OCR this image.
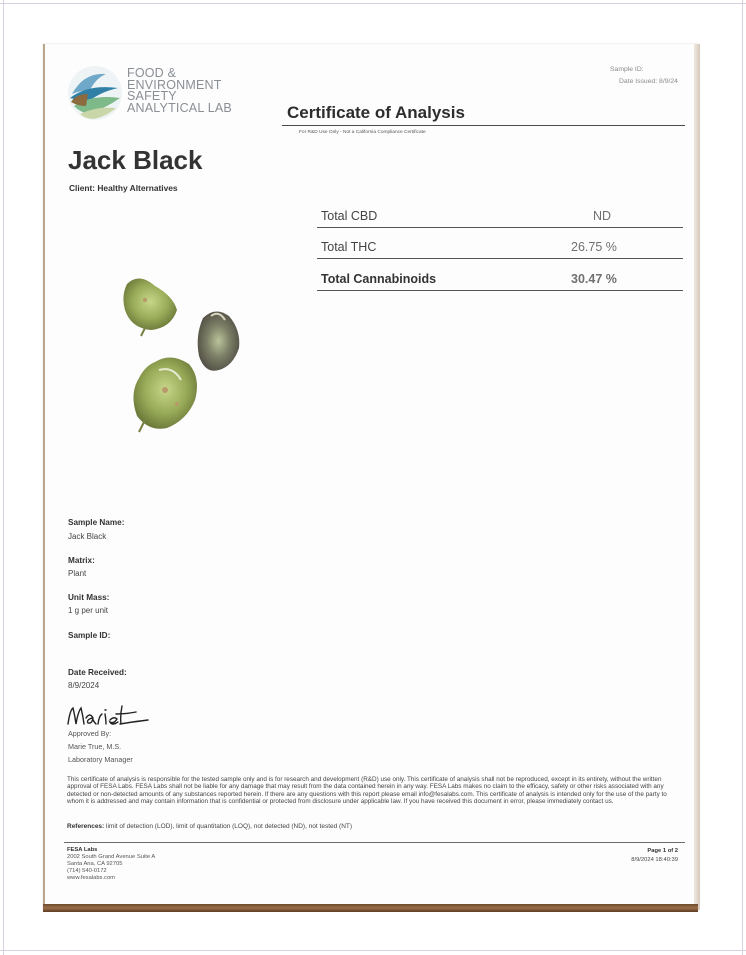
FOOD &
ENVIRONMENT
SAFETY
ANALYTICAL LAB	Certificate of Analysis
For R&D Use Only - Not a California Compliance Certificate
Sample ID:
Date Issued: 8/9/24
Jack Black
Client: Healthy Alternatives
Total CBD	ND
Total THC	26.75 %
Total Cannabinoids	30.47 %
Sample Name:
Jack Black
Matrix:
Plant
Unit Mass:
1 g per unit
Sample ID:
Date Received:
8/9/2024
Approved By:
Marie True, M.S.
Laboratory Manager
This certificate of analysis is responsible for the tested sample only and is for research and development (R&D) use only. This certificate of analysis shall not be reproduced, except in its entirety, without the written approval of FESA Labs. FESA Labs shall not be liable for any damage that may result from the data contained herein in any way. FESA Labs makes no claim to the efficacy, safety or other risks associated with any detected or non-detected amounts of any substances reported herein. If there are any questions with this report please email info@fesalabs.com. This certificate of analysis is intended only for the use of the party to whom it is addressed and may contain information that is confidential or protected from disclosure under applicable law. If you have received this document in error, please immediately contact us.
References: limit of detection (LOD), limit of quantitation (LOQ), not detected (ND), not tested (NT)
FESA Labs
2002 South Grand Avenue Suite A
Santa Ana, CA 92705
(714) 540-0172
www.fesalabs.com
Page 1 of 2
8/9/2024 18:40:39
